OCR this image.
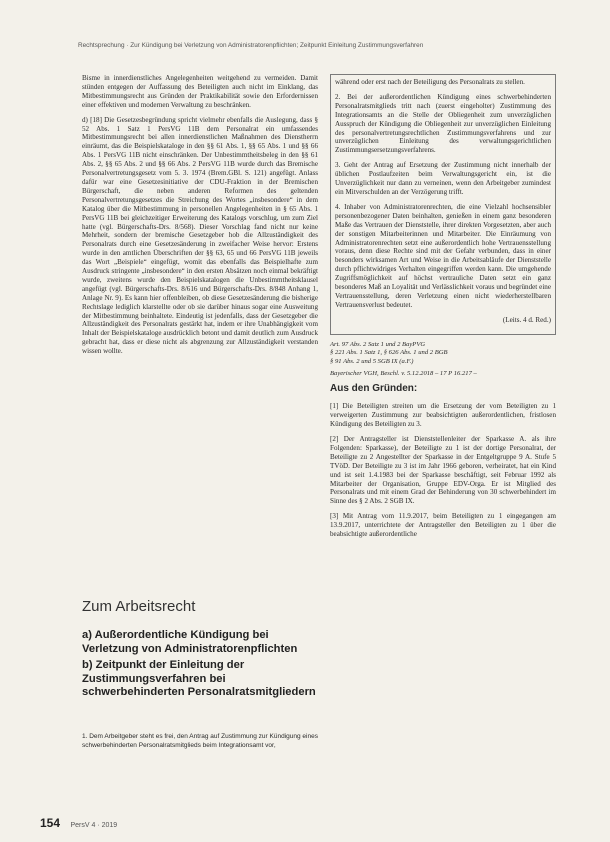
Rechtsprechung · Zur Kündigung bei Verletzung von Administratorenpflichten; Zeitpunkt Einleitung Zustimmungsverfahren

Bisme in innerdienstliches Angelegenheiten weitgehend zu vermeiden. Damit stünden entgegen der Auffassung des Beteiligten auch nicht im Einklang, das Mitbestimmungsrecht aus Gründen der Praktikabilität sowie den Erfordernissen einer effektiven und modernen Verwaltung zu beschränken.

d) [18] Die Gesetzesbegründung spricht vielmehr ebenfalls die Auslegung, dass § 52 Abs. 1 Satz 1 PersVG 11B dem Personalrat ein umfassendes Mitbestimmungsrecht bei allen innerdienstlichen Maßnahmen des Dienstherrn einräumt, das die Beispielskataloge in den §§ 61 Abs. 1, §§ 65 Abs. 1 und §§ 66 Abs. 1 PersVG 11B nicht einschränken. Der Unbestimmtheitsbeleg in den §§ 61 Abs. 2, §§ 65 Abs. 2 und §§ 66 Abs. 2 PersVG 11B wurde durch das Bremische Personalvertretungsgesetz vom 5. 3. 1974 (Brem.GBl. S. 121) angefügt. Anlass dafür war eine Gesetzesinitiative der CDU-Fraktion in der Bremischen Bürgerschaft, die neben anderen Reformen des geltenden Personalvertretungsgesetzes die Streichung des Wortes „insbesondere“ in dem Katalog über die Mitbestimmung in personellen Angelegenheiten in § 65 Abs. 1 PersVG 11B bei gleichzeitiger Erweiterung des Katalogs vorschlug, um zum Ziel hatte (vgl. Bürgerschafts-Drs. 8/568). Dieser Vorschlag fand nicht nur keine Mehrheit, sondern der bremische Gesetzgeber hob die Allzuständigkeit des Personalrats durch eine Gesetzesänderung in zweifacher Weise hervor: Erstens wurde in den amtlichen Überschriften der §§ 63, 65 und 66 PersVG 11B jeweils das Wort „Beispiele“ eingefügt, womit das ebenfalls das Beispielhafte zum Ausdruck stringente „insbesondere“ in den ersten Absätzen noch einmal bekräftigt wurde, zweitens wurde den Beispielskatalogen die Unbestimmtheitsklausel angefügt (vgl. Bürgerschafts-Drs. 8/616 und Bürgerschafts-Drs. 8/848 Anhang 1, Anlage Nr. 9). Es kann hier offenbleiben, ob diese Gesetzesänderung die bisherige Rechtslage lediglich klarstellte oder ob sie darüber hinaus sogar eine Ausweitung der Mitbestimmung beinhaltete. Eindeutig ist jedenfalls, dass der Gesetzgeber die Allzuständigkeit des Personalrats gestärkt hat, indem er ihre Unabhängigkeit vom Inhalt der Beispielskataloge ausdrücklich betont und damit deutlich zum Ausdruck gebracht hat, dass er diese nicht als abgrenzung zur Allzuständigkeit verstanden wissen wollte.

Zum Arbeitsrecht
a) Außerordentliche Kündigung bei Verletzung von Administratorenpflichten
b) Zeitpunkt der Einleitung der Zustimmungsverfahren bei schwerbehinderten Personalratsmitgliedern
1. Dem Arbeitgeber steht es frei, den Antrag auf Zustimmung zur Kündigung eines schwerbehinderten Personalratsmitglieds beim Integrationsamt vor,

während oder erst nach der Beteiligung des Personalrats zu stellen.

2. Bei der außerordentlichen Kündigung eines schwerbehinderten Personalratsmitglieds tritt nach (zuerst eingeholter) Zustimmung des Integrationsamts an die Stelle der Obliegenheit zum unverzüglichen Ausspruch der Kündigung die Obliegenheit zur unverzüglichen Einleitung des personalvertretungsrechtlichen Zustimmungsverfahrens und zur unverzüglichen Einleitung des verwaltungsgerichtlichen Zustimmungsersetzungsverfahrens.

3. Geht der Antrag auf Ersetzung der Zustimmung nicht innerhalb der üblichen Postlaufzeiten beim Verwaltungsgericht ein, ist die Unverzüglichkeit nur dann zu verneinen, wenn den Arbeitgeber zumindest ein Mitverschulden an der Verzögerung trifft.

4. Inhaber von Administratorenrechten, die eine Vielzahl hochsensibler personenbezogener Daten beinhalten, genießen in einem ganz besonderen Maße das Vertrauen der Dienststelle, ihrer direkten Vorgesetzten, aber auch der sonstigen Mitarbeiterinnen und Mitarbeiter. Die Einräumung von Administratorenrechten setzt eine außerordentlich hohe Vertrauensstellung voraus, denn diese Rechte sind mit der Gefahr verbunden, dass in einer besonders wirksamen Art und Weise in die Arbeitsabläufe der Dienststelle durch pflichtwidriges Verhalten eingegriffen werden kann. Die umgehende Zugriffsmöglichkeit auf höchst vertrauliche Daten setzt ein ganz besonderes Maß an Loyalität und Verlässlichkeit voraus und begründet eine Vertrauensstellung, deren Verletzung einen nicht wiederherstellbaren Vertrauensverlust bedeutet.

(Leits. 4 d. Red.)

Art. 97 Abs. 2 Satz 1 und 2 BayPVG
§ 221 Abs. 1 Satz 1, § 626 Abs. 1 und 2 BGB
§ 91 Abs. 2 und 5 SGB IX (a.F.)
Bayerischer VGH, Beschl. v. 5.12.2018 – 17 P 16.217 –
Aus den Gründen:

[1] Die Beteiligten streiten um die Ersetzung der vom Beteiligten zu 1 verweigerten Zustimmung zur beabsichtigten außerordentlichen, fristlosen Kündigung des Beteiligten zu 3.

[2] Der Antragsteller ist Dienststellenleiter der Sparkasse A. als ihre Folgenden: Sparkasse), der Beteiligte zu 1 ist der dortige Personalrat, der Beteiligte zu 2 Angestellter der Sparkasse in der Entgeltgruppe 9 A. Stufe 5 TVöD. Der Beteiligte zu 3 ist im Jahr 1966 geboren, verheiratet, hat ein Kind und ist seit 1.4.1983 bei der Sparkasse beschäftigt, seit Februar 1992 als Mitarbeiter der Organisation, Gruppe EDV-Orga. Er ist Mitglied des Personalrats und mit einem Grad der Behinderung von 30 schwerbehindert im Sinne des § 2 Abs. 2 SGB IX.

[3] Mit Antrag vom 11.9.2017, beim Beteiligten zu 1 eingegangen am 13.9.2017, unterrichtete der Antragsteller den Beteiligten zu 1 über die beabsichtigte außerordentliche

154 PersV 4 · 2019
